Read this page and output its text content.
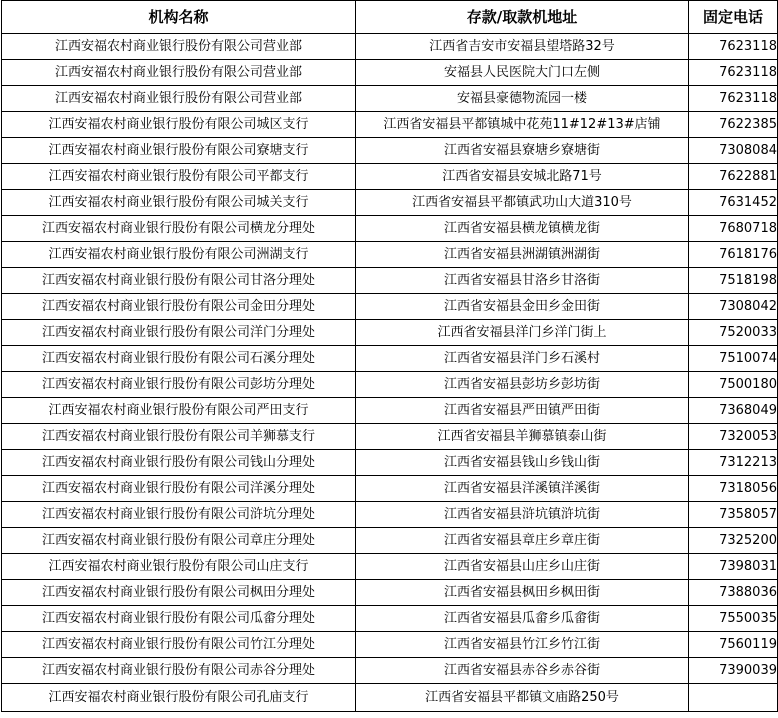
机构名称	存款/取款机地址	固定电话
江西安福农村商业银行股份有限公司营业部	江西省吉安市安福县望塔路32号	7623118
江西安福农村商业银行股份有限公司营业部	安福县人民医院大门口左侧	7623118
江西安福农村商业银行股份有限公司营业部	安福县豪德物流园一楼	7623118
江西安福农村商业银行股份有限公司城区支行	江西省安福县平都镇城中花苑11#12#13#店铺	7622385
江西安福农村商业银行股份有限公司寮塘支行	江西省安福县寮塘乡寮塘街	7308084
江西安福农村商业银行股份有限公司平都支行	江西省安福县安城北路71号	7622881
江西安福农村商业银行股份有限公司城关支行	江西省安福县平都镇武功山大道310号	7631452
江西安福农村商业银行股份有限公司横龙分理处	江西省安福县横龙镇横龙街	7680718
江西安福农村商业银行股份有限公司洲湖支行	江西省安福县洲湖镇洲湖街	7618176
江西安福农村商业银行股份有限公司甘洛分理处	江西省安福县甘洛乡甘洛街	7518198
江西安福农村商业银行股份有限公司金田分理处	江西省安福县金田乡金田街	7308042
江西安福农村商业银行股份有限公司洋门分理处	江西省安福县洋门乡洋门街上	7520033
江西安福农村商业银行股份有限公司石溪分理处	江西省安福县洋门乡石溪村	7510074
江西安福农村商业银行股份有限公司彭坊分理处	江西省安福县彭坊乡彭坊街	7500180
江西安福农村商业银行股份有限公司严田支行	江西省安福县严田镇严田街	7368049
江西安福农村商业银行股份有限公司羊狮慕支行	江西省安福县羊狮慕镇泰山街	7320053
江西安福农村商业银行股份有限公司钱山分理处	江西省安福县钱山乡钱山街	7312213
江西安福农村商业银行股份有限公司洋溪分理处	江西省安福县洋溪镇洋溪街	7318056
江西安福农村商业银行股份有限公司浒坑分理处	江西省安福县浒坑镇浒坑街	7358057
江西安福农村商业银行股份有限公司章庄分理处	江西省安福县章庄乡章庄街	7325200
江西安福农村商业银行股份有限公司山庄支行	江西省安福县山庄乡山庄街	7398031
江西安福农村商业银行股份有限公司枫田分理处	江西省安福县枫田乡枫田街	7388036
江西安福农村商业银行股份有限公司瓜畲分理处	江西省安福县瓜畲乡瓜畲街	7550035
江西安福农村商业银行股份有限公司竹江分理处	江西省安福县竹江乡竹江街	7560119
江西安福农村商业银行股份有限公司赤谷分理处	江西省安福县赤谷乡赤谷街	7390039
江西安福农村商业银行股份有限公司孔庙支行	江西省安福县平都镇文庙路250号	
